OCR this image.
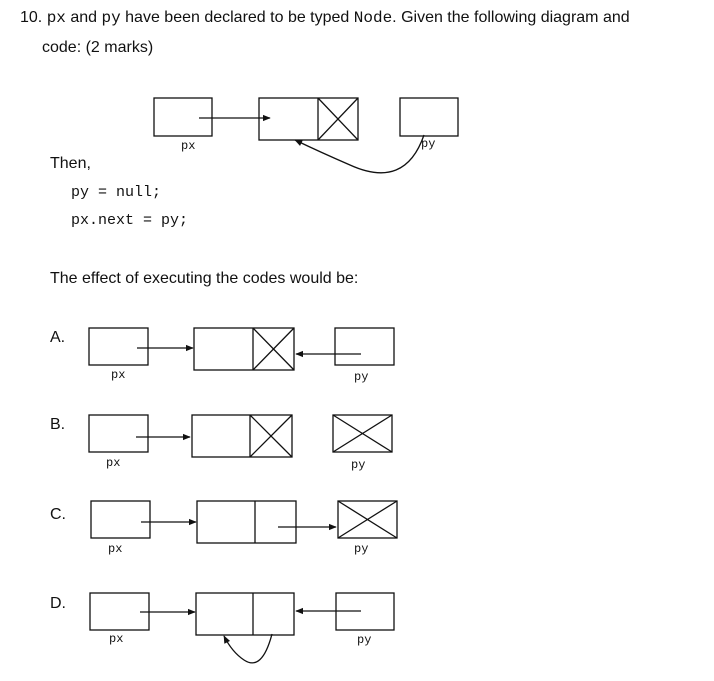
10. px and py have been declared to be typed Node. Given the following diagram and
code: (2 marks)
Then,
py = null;
px.next = py;
The effect of executing the codes would be:
A.
B.
C.
D.
px	py
px	py
px	py
px	py
px	py
